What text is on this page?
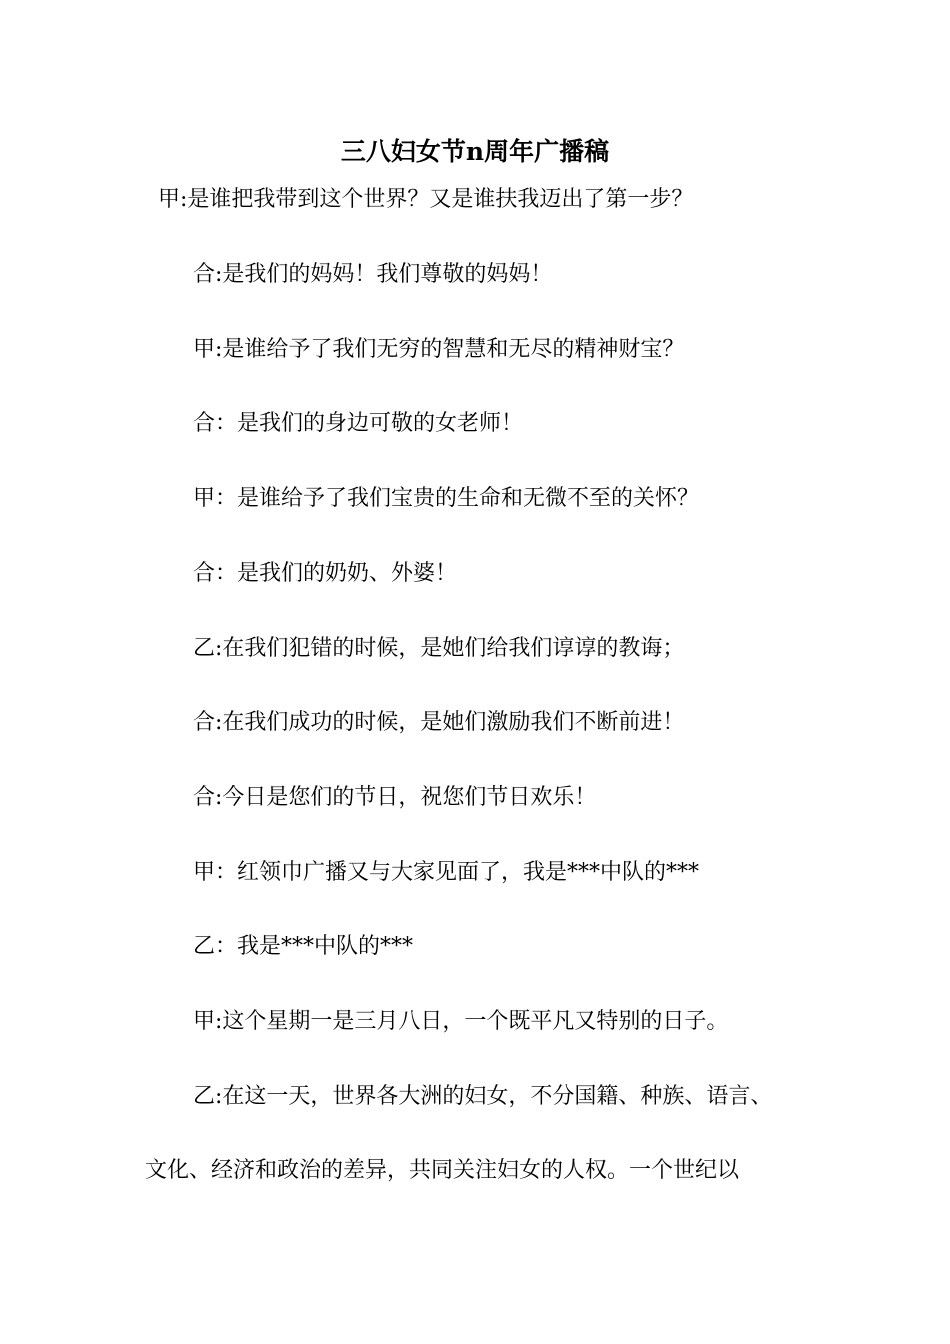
三八妇女节n周年广播稿
甲:是谁把我带到这个世界？又是谁扶我迈出了第一步？
合:是我们的妈妈！我们尊敬的妈妈！
甲:是谁给予了我们无穷的智慧和无尽的精神财宝？
合：是我们的身边可敬的女老师！
甲：是谁给予了我们宝贵的生命和无微不至的关怀？
合：是我们的奶奶、外婆！
乙:在我们犯错的时候，是她们给我们谆谆的教诲；
合:在我们成功的时候，是她们激励我们不断前进！
合:今日是您们的节日，祝您们节日欢乐！
甲：红领巾广播又与大家见面了，我是***中队的***
乙：我是***中队的***
甲:这个星期一是三月八日，一个既平凡又特别的日子。
乙:在这一天，世界各大洲的妇女，不分国籍、种族、语言、
文化、经济和政治的差异，共同关注妇女的人权。一个世纪以
